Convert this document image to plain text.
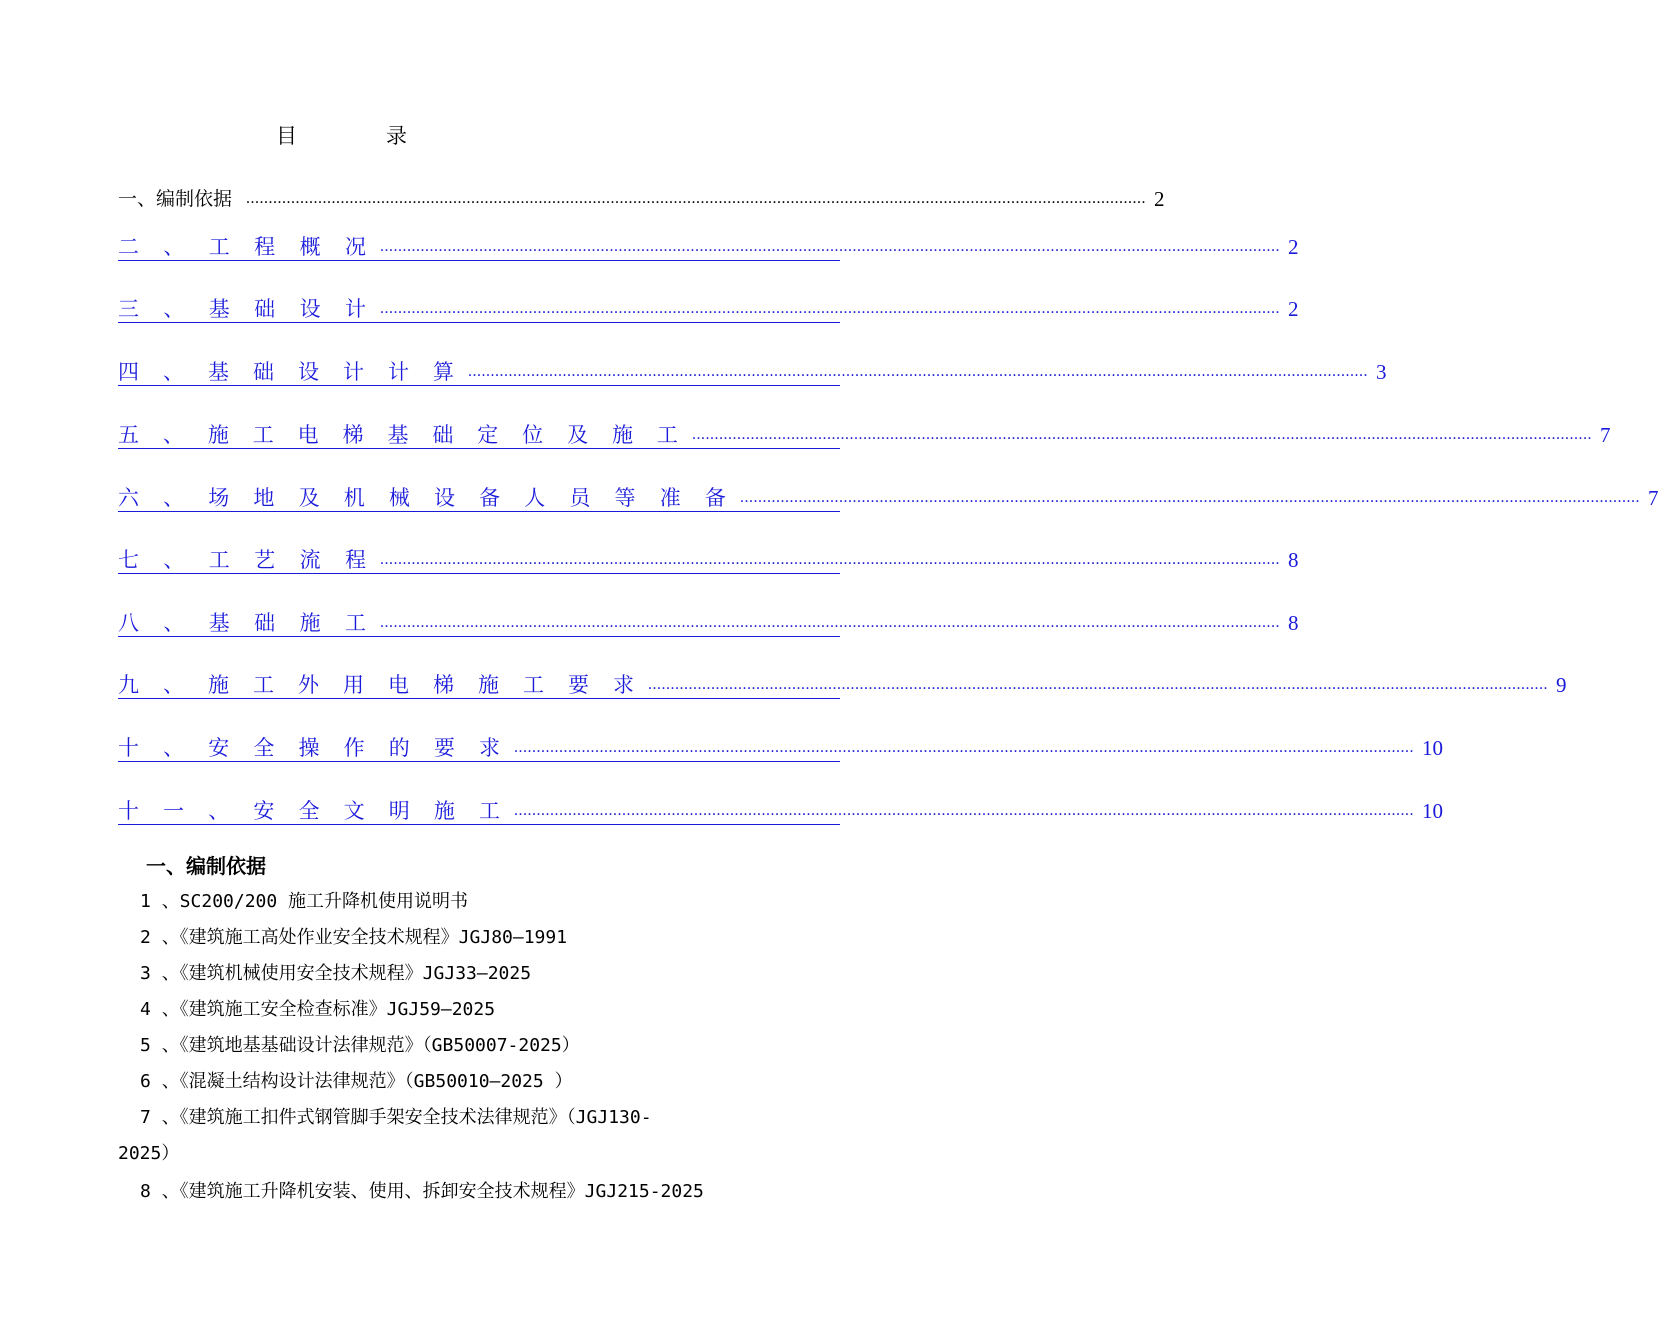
目	录
一、编制依据 ........................................................................................................................................................................................................ 2
二 、 工 程 概 况 ........................................................................................................................................................................................................ 2
三 、 基 础 设 计 ........................................................................................................................................................................................................ 2
四 、 基 础 设 计 计 算 ........................................................................................................................................................................................................ 3
五 、 施 工 电 梯 基 础 定 位 及 施 工 ........................................................................................................................................................................................................ 7
六 、 场 地 及 机 械 设 备 人 员 等 准 备 ........................................................................................................................................................................................................ 7
七 、 工 艺 流 程 ........................................................................................................................................................................................................ 8
八 、 基 础 施 工 ........................................................................................................................................................................................................ 8
九 、 施 工 外 用 电 梯 施 工 要 求 ........................................................................................................................................................................................................ 9
十 、 安 全 操 作 的 要 求 ........................................................................................................................................................................................................ 10
十 一 、 安 全 文 明 施 工 ........................................................................................................................................................................................................ 10
一、编制依据
1 、SC200/200 施工升降机使用说明书
2 、《建筑施工高处作业安全技术规程》JGJ80—1991
3 、《建筑机械使用安全技术规程》JGJ33—2025
4 、《建筑施工安全检查标准》JGJ59—2025
5 、《建筑地基基础设计法律规范》（GB50007-2025）
6 、《混凝土结构设计法律规范》（GB50010—2025 ）
7 、《建筑施工扣件式钢管脚手架安全技术法律规范》（JGJ130-
2025）
8 、《建筑施工升降机安装、使用、拆卸安全技术规程》JGJ215-2025
